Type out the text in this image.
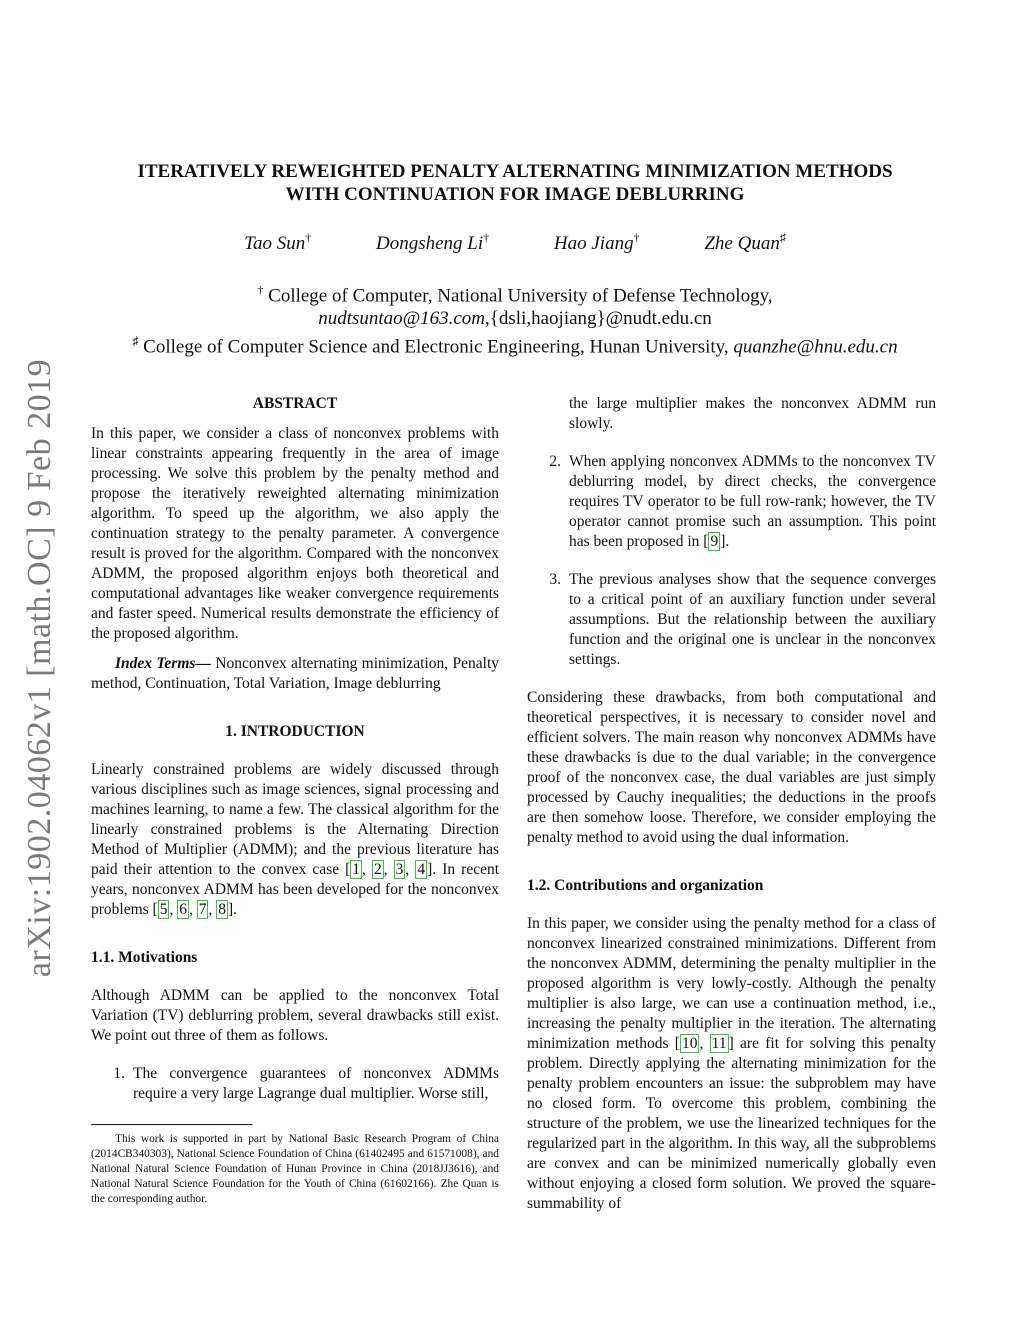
arXiv:1902.04062v1 [math.OC] 9 Feb 2019
ITERATIVELY REWEIGHTED PENALTY ALTERNATING MINIMIZATION METHODS
WITH CONTINUATION FOR IMAGE DEBLURRING
Tao Sun†	Dongsheng Li†	Hao Jiang†	Zhe Quan♯
† College of Computer, National University of Defense Technology,
nudtsuntao@163.com,{dsli,haojiang}@nudt.edu.cn
♯ College of Computer Science and Electronic Engineering, Hunan University, quanzhe@hnu.edu.cn
ABSTRACT

In this paper, we consider a class of nonconvex problems with linear constraints appearing frequently in the area of image processing. We solve this problem by the penalty method and propose the iteratively reweighted alternating minimization algorithm. To speed up the algorithm, we also apply the continuation strategy to the penalty parameter. A convergence result is proved for the algorithm. Compared with the nonconvex ADMM, the proposed algorithm enjoys both theoretical and computational advantages like weaker convergence requirements and faster speed. Numerical results demonstrate the efficiency of the proposed algorithm.

Index Terms— Nonconvex alternating minimization, Penalty method, Continuation, Total Variation, Image deblurring

1. INTRODUCTION

Linearly constrained problems are widely discussed through various disciplines such as image sciences, signal processing and machines learning, to name a few. The classical algorithm for the linearly constrained problems is the Alternating Direction Method of Multiplier (ADMM); and the previous literature has paid their attention to the convex case [ 1 , 2 , 3 , 4 ]. In recent years, nonconvex ADMM has been developed for the nonconvex problems [ 5 , 6 , 7 , 8 ].

1.1. Motivations

Although ADMM can be applied to the nonconvex Total Variation (TV) deblurring problem, several drawbacks still exist. We point out three of them as follows.

1. The convergence guarantees of nonconvex ADMMs require a very large Lagrange dual multiplier. Worse still,

This work is supported in part by National Basic Research Program of China (2014CB340303), National Science Foundation of China (61402495 and 61571008), and National Natural Science Foundation of Hunan Province in China (2018JJ3616), and National Natural Science Foundation for the Youth of China (61602166). Zhe Quan is the corresponding author.

the large multiplier makes the nonconvex ADMM run slowly.

2. When applying nonconvex ADMMs to the nonconvex TV deblurring model, by direct checks, the convergence requires TV operator to be full row-rank; however, the TV operator cannot promise such an assumption. This point has been proposed in [ 9 ].
3. The previous analyses show that the sequence converges to a critical point of an auxiliary function under several assumptions. But the relationship between the auxiliary function and the original one is unclear in the nonconvex settings.

Considering these drawbacks, from both computational and theoretical perspectives, it is necessary to consider novel and efficient solvers. The main reason why nonconvex ADMMs have these drawbacks is due to the dual variable; in the convergence proof of the nonconvex case, the dual variables are just simply processed by Cauchy inequalities; the deductions in the proofs are then somehow loose. Therefore, we consider employing the penalty method to avoid using the dual information.

1.2. Contributions and organization

In this paper, we consider using the penalty method for a class of nonconvex linearized constrained minimizations. Different from the nonconvex ADMM, determining the penalty multiplier in the proposed algorithm is very lowly-costly. Although the penalty multiplier is also large, we can use a continuation method, i.e., increasing the penalty multiplier in the iteration. The alternating minimization methods [ 10 , 11 ] are fit for solving this penalty problem. Directly applying the alternating minimization for the penalty problem encounters an issue: the subproblem may have no closed form. To overcome this problem, combining the structure of the problem, we use the linearized techniques for the regularized part in the algorithm. In this way, all the subproblems are convex and can be minimized numerically globally even without enjoying a closed form solution. We proved the square-summability of
